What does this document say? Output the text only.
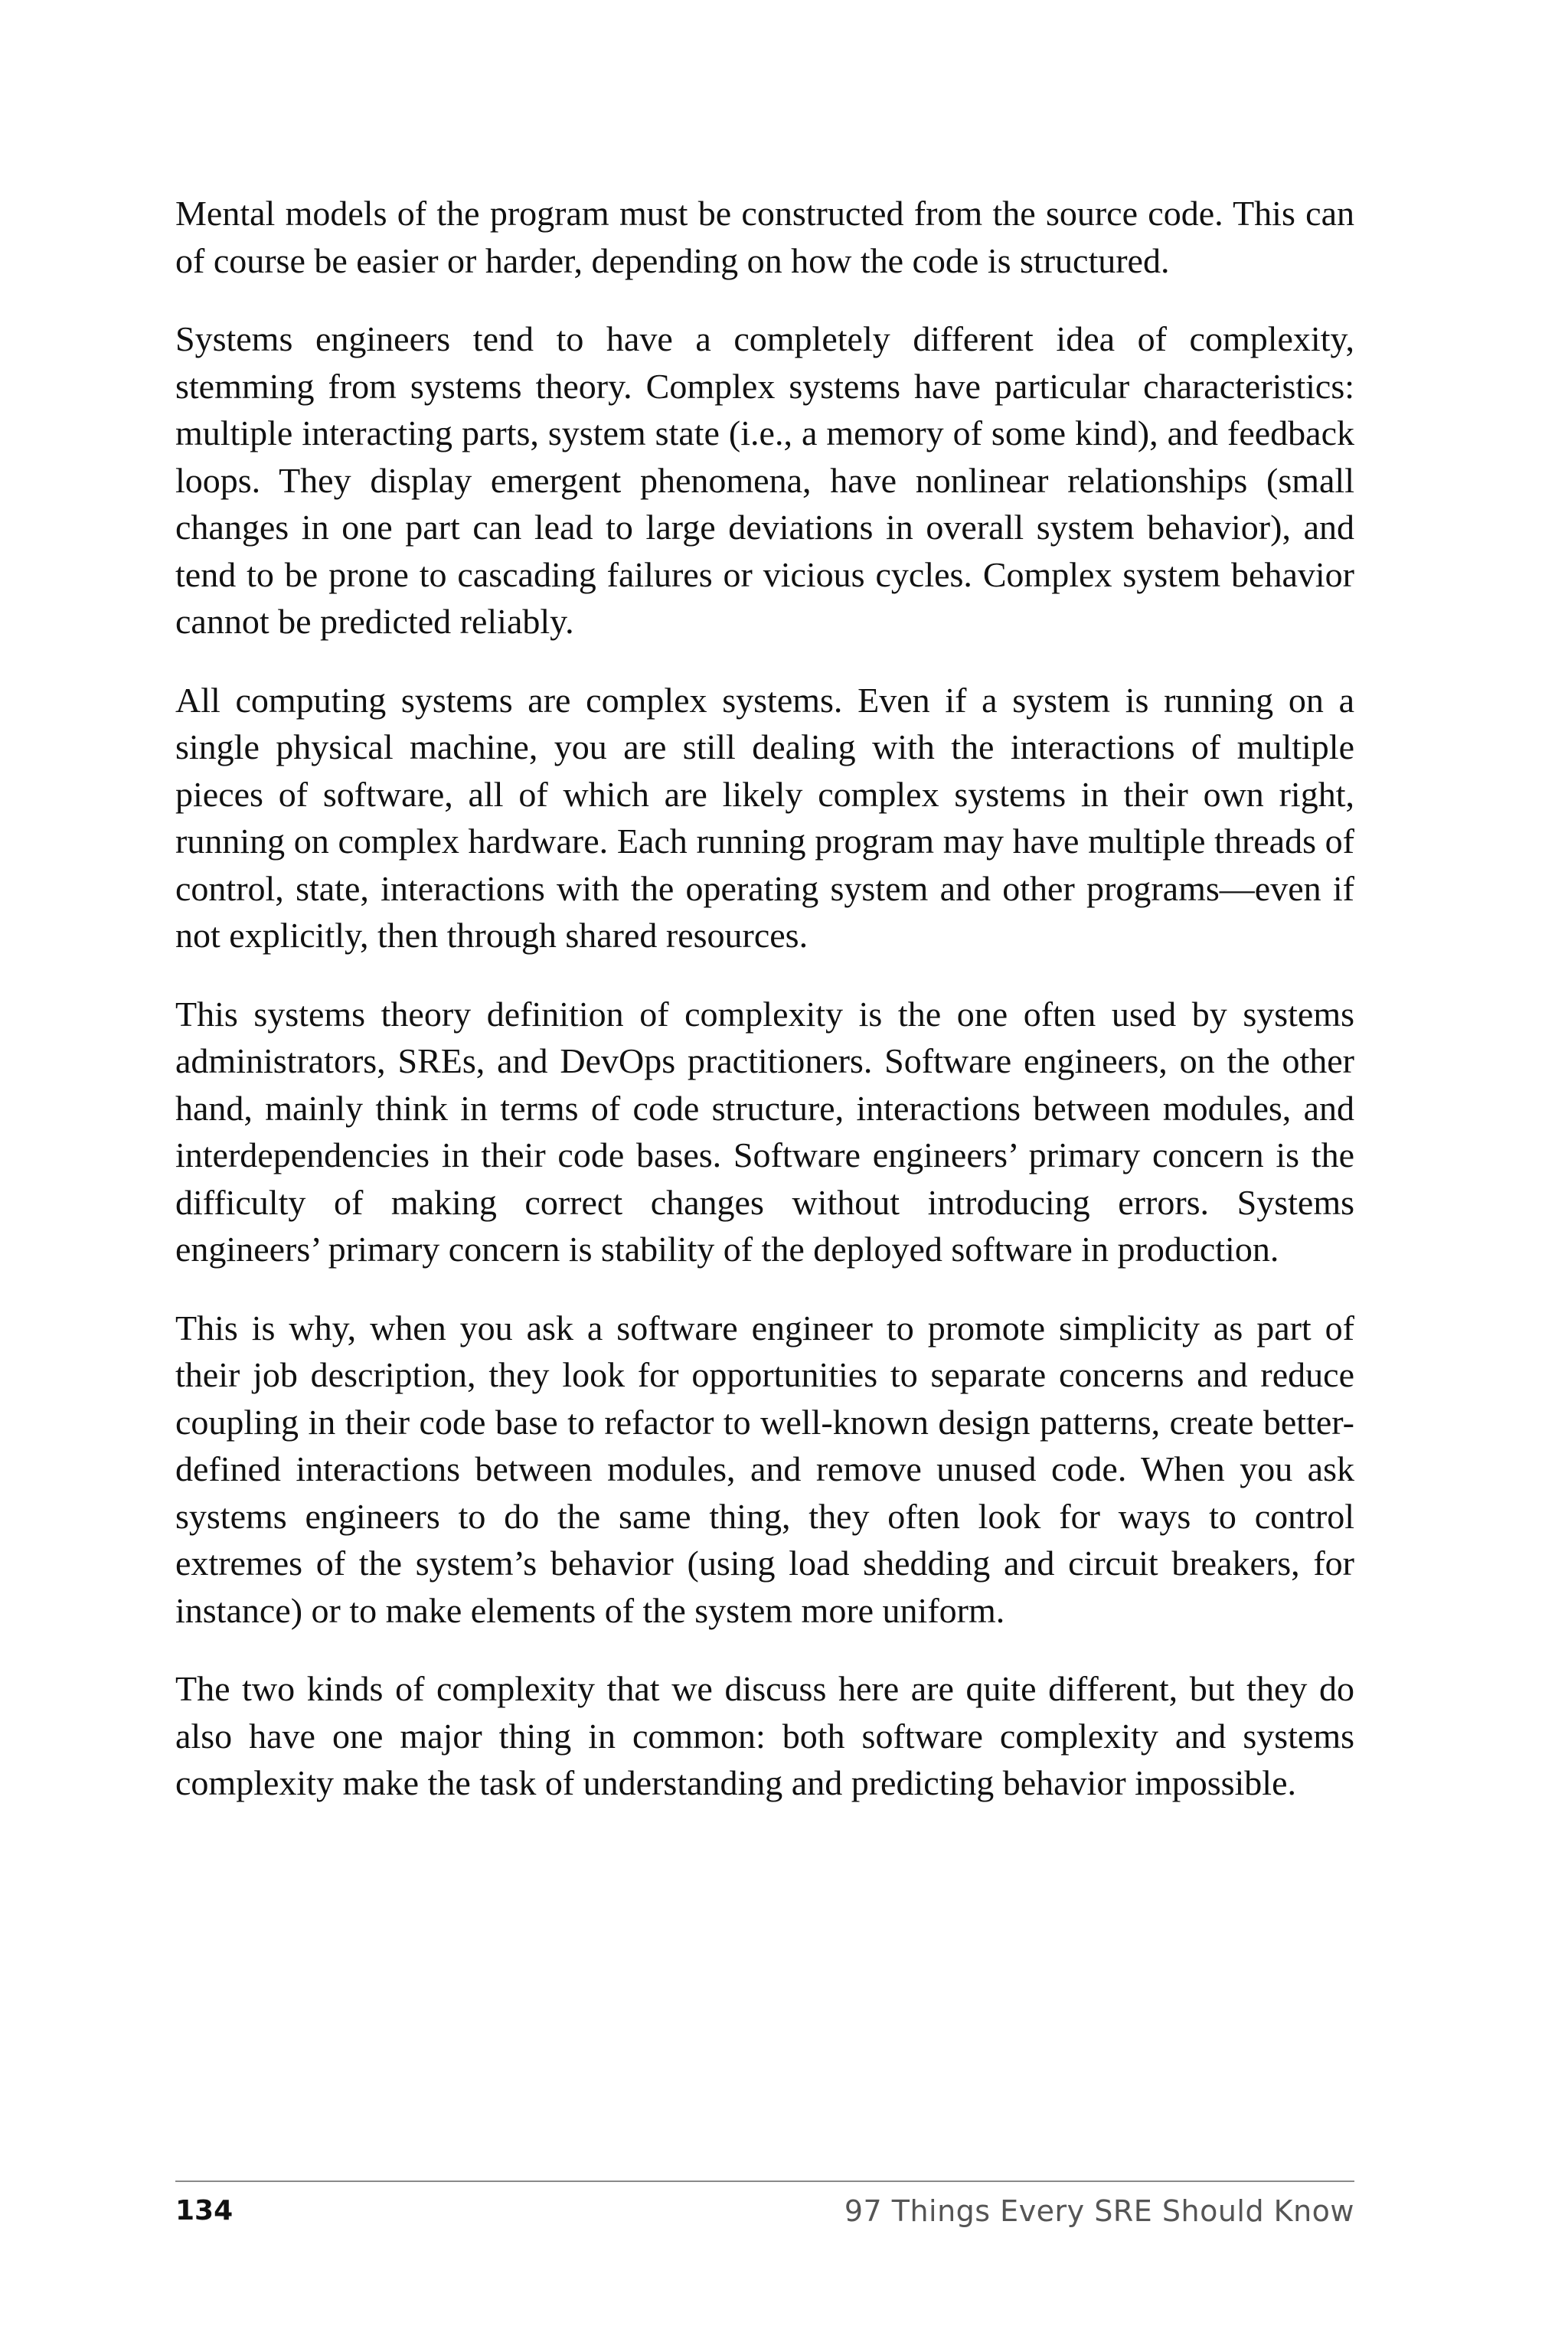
Mental models of the program must be constructed from the source code. This can of course be easier or harder, depending on how the code is structured.

Systems engineers tend to have a completely different idea of complexity, stemming from systems theory. Complex systems have particular characteristics: multiple interacting parts, system state (i.e., a memory of some kind), and feedback loops. They display emergent phenomena, have nonlinear relationships (small changes in one part can lead to large deviations in overall system behavior), and tend to be prone to cascading failures or vicious cycles. Complex system behavior cannot be predicted reliably.

All computing systems are complex systems. Even if a system is running on a single physical machine, you are still dealing with the interactions of multiple pieces of software, all of which are likely complex systems in their own right, running on complex hardware. Each running program may have multiple threads of control, state, interactions with the operating system and other programs—even if not explicitly, then through shared resources.

This systems theory definition of complexity is the one often used by systems administrators, SREs, and DevOps practitioners. Software engineers, on the other hand, mainly think in terms of code structure, interactions between modules, and interdependencies in their code bases. Software engineers’ primary concern is the difficulty of making correct changes without introducing errors. Systems engineers’ primary concern is stability of the deployed software in production.

This is why, when you ask a software engineer to promote simplicity as part of their job description, they look for opportunities to separate concerns and reduce coupling in their code base to refactor to well-known design patterns, create better-defined interactions between modules, and remove unused code. When you ask systems engineers to do the same thing, they often look for ways to control extremes of the system’s behavior (using load shedding and circuit breakers, for instance) or to make elements of the system more uniform.

The two kinds of complexity that we discuss here are quite different, but they do also have one major thing in common: both software complexity and systems complexity make the task of understanding and predicting behavior impossible.

134	97 Things Every SRE Should Know
